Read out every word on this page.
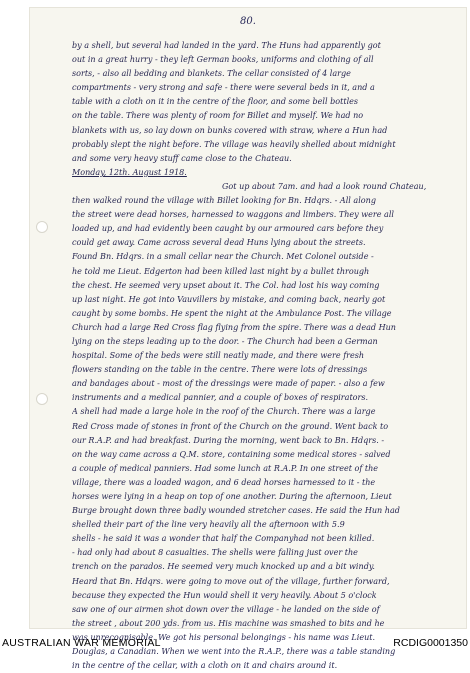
80.
by a shell, but several had landed in the yard. The Huns had apparently got
out in a great hurry - they left German books, uniforms and clothing of all
sorts, - also all bedding and blankets. The cellar consisted of 4 large
compartments - very strong and safe - there were several beds in it, and a
table with a cloth on it in the centre of the floor, and some bell bottles
on the table. There was plenty of room for Billet and myself. We had no
blankets with us, so lay down on bunks covered with straw, where a Hun had
probably slept the night before. The village was heavily shelled about midnight
and some very heavy stuff came close to the Chateau.
Monday, 12th. August 1918.
Got up about 7am. and had a look round Chateau,
then walked round the village with Billet looking for Bn. Hdqrs. - All along
the street were dead horses, harnessed to waggons and limbers. They were all
loaded up, and had evidently been caught by our armoured cars before they
could get away. Came across several dead Huns lying about the streets.
Found Bn. Hdqrs. in a small cellar near the Church. Met Colonel outside -
he told me Lieut. Edgerton had been killed last night by a bullet through
the chest. He seemed very upset about it. The Col. had lost his way coming
up last night. He got into Vauvillers by mistake, and coming back, nearly got
caught by some bombs. He spent the night at the Ambulance Post. The village
Church had a large Red Cross flag flying from the spire. There was a dead Hun
lying on the steps leading up to the door. - The Church had been a German
hospital. Some of the beds were still neatly made, and there were fresh
flowers standing on the table in the centre. There were lots of dressings
and bandages about - most of the dressings were made of paper. - also a few
instruments and a medical pannier, and a couple of boxes of respirators.
A shell had made a large hole in the roof of the Church. There was a large
Red Cross made of stones in front of the Church on the ground. Went back to
our R.A.P. and had breakfast. During the morning, went back to Bn. Hdqrs. -
on the way came across a Q.M. store, containing some medical stores - salved
a couple of medical panniers. Had some lunch at R.A.P. In one street of the
village, there was a loaded wagon, and 6 dead horses harnessed to it - the
horses were lying in a heap on top of one another. During the afternoon, Lieut
Burge brought down three badly wounded stretcher cases. He said the Hun had
shelled their part of the line very heavily all the afternoon with 5.9
shells - he said it was a wonder that half the Companyhad not been killed.
- had only had about 8 casualties. The shells were falling just over the
trench on the parados. He seemed very much knocked up and a bit windy.
Heard that Bn. Hdqrs. were going to move out of the village, further forward,
because they expected the Hun would shell it very heavily. About 5 o'clock
saw one of our airmen shot down over the village - he landed on the side of
the street , about 200 yds. from us. His machine was smashed to bits and he
was unrecognisable. We got his personal belongings - his name was Lieut.
Douglas, a Canadian. When we went into the R.A.P., there was a table standing
in the centre of the cellar, with a cloth on it and chairs around it.
AUSTRALIAN WAR MEMORIAL	RCDIG0001350
